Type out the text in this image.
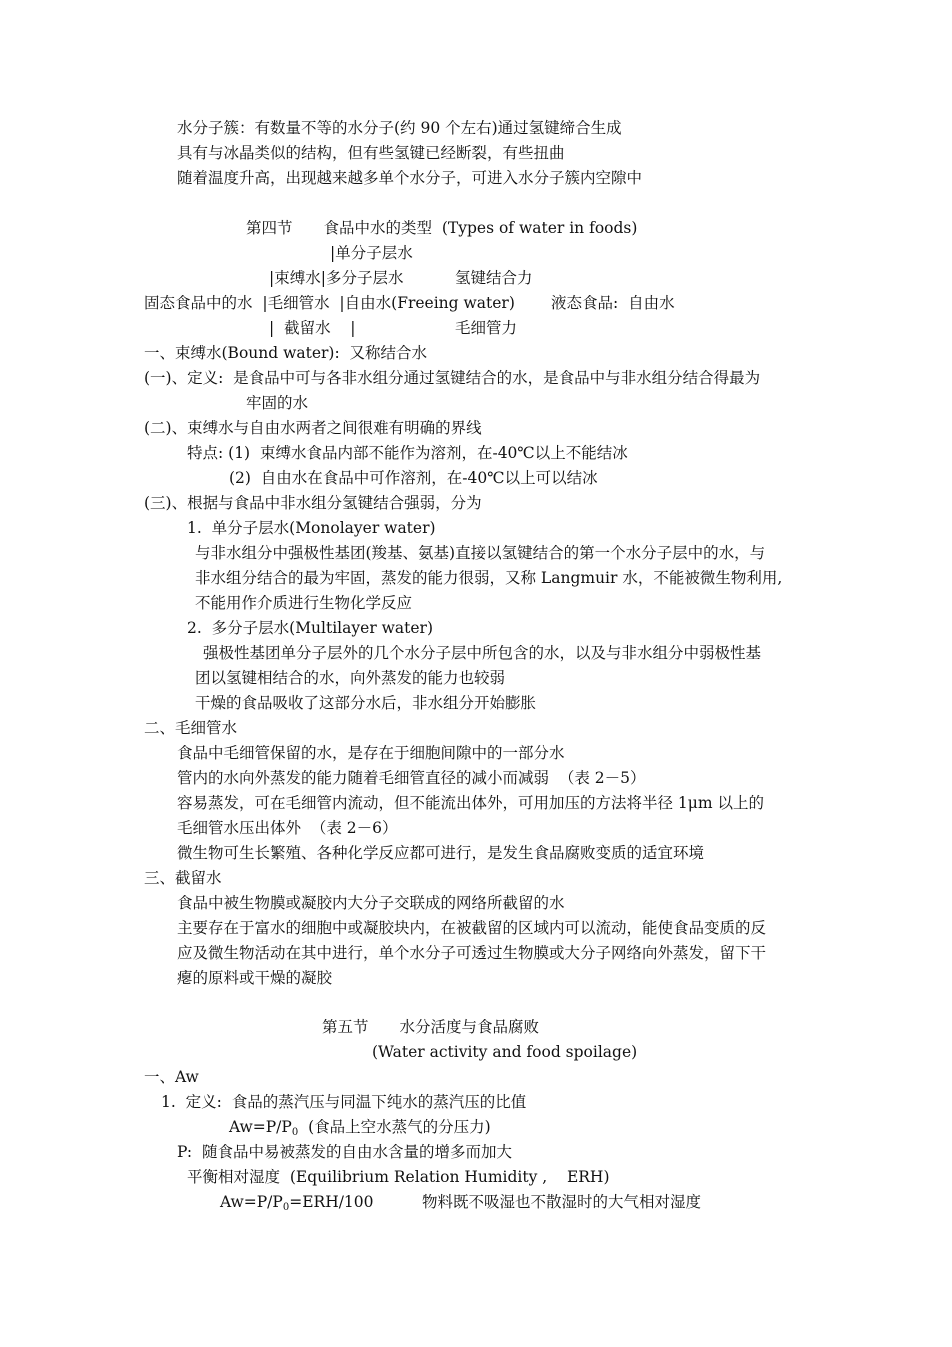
水分子簇：有数量不等的水分子(约 90 个左右)通过氢键缔合生成
具有与冰晶类似的结构，但有些氢键已经断裂，有些扭曲
随着温度升高，出现越来越多单个水分子，可进入水分子簇内空隙中
第四节　　食品中水的类型  (Types of water in foods)
|单分子层水
|束缚水|多分子层水	氢键结合力
固态食品中的水  |毛细管水  |自由水(Freeing water) 液态食品:  自由水
|  截留水    |	毛细管力
一、束缚水(Bound water):  又称结合水
(一)、定义:  是食品中可与各非水组分通过氢键结合的水，是食品中与非水组分结合得最为
牢固的水
(二)、束缚水与自由水两者之间很难有明确的界线
特点: (1)  束缚水食品内部不能作为溶剂，在-40℃以上不能结冰
(2)  自由水在食品中可作溶剂，在-40℃以上可以结冰
(三)、根据与食品中非水组分氢键结合强弱，分为
1.  单分子层水(Monolayer water)
与非水组分中强极性基团(羧基、氨基)直接以氢键结合的第一个水分子层中的水，与
非水组分结合的最为牢固，蒸发的能力很弱，又称 Langmuir 水，不能被微生物利用,
不能用作介质进行生物化学反应
2.  多分子层水(Multilayer water)
强极性基团单分子层外的几个水分子层中所包含的水，以及与非水组分中弱极性基
团以氢键相结合的水，向外蒸发的能力也较弱
干燥的食品吸收了这部分水后，非水组分开始膨胀
二、毛细管水
食品中毛细管保留的水，是存在于细胞间隙中的一部分水
管内的水向外蒸发的能力随着毛细管直径的减小而减弱  （表 2－5）
容易蒸发，可在毛细管内流动，但不能流出体外，可用加压的方法将半径 1μm 以上的
毛细管水压出体外  （表 2－6）
微生物可生长繁殖、各种化学反应都可进行，是发生食品腐败变质的适宜环境
三、截留水
食品中被生物膜或凝胶内大分子交联成的网络所截留的水
主要存在于富水的细胞中或凝胶块内，在被截留的区域内可以流动，能使食品变质的反
应及微生物活动在其中进行，单个水分子可透过生物膜或大分子网络向外蒸发，留下干
瘪的原料或干燥的凝胶
第五节　　水分活度与食品腐败
(Water activity and food spoilage)
一、Aw
1.  定义:  食品的蒸汽压与同温下纯水的蒸汽压的比值
$Aw=P/P_0$  (食品上空水蒸气的分压力)
P:  随食品中易被蒸发的自由水含量的增多而加大
平衡相对湿度  (Equilibrium Relation Humidity ,    ERH)
$Aw=P/P_0=ERH/100$	物料既不吸湿也不散湿时的大气相对湿度
